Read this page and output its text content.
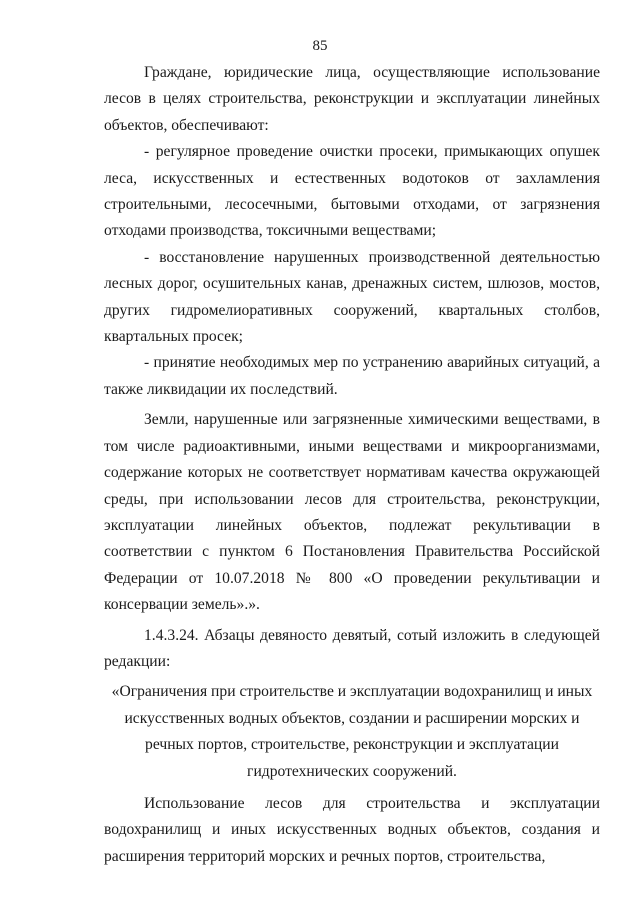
85

Граждане, юридические лица, осуществляющие использование лесов в целях строительства, реконструкции и эксплуатации линейных объектов, обеспечивают:

- регулярное проведение очистки просеки, примыкающих опушек леса, искусственных и естественных водотоков от захламления строительными, лесосечными, бытовыми отходами, от загрязнения отходами производства, токсичными веществами;

- восстановление нарушенных производственной деятельностью лесных дорог, осушительных канав, дренажных систем, шлюзов, мостов, других гидромелиоративных сооружений, квартальных столбов, квартальных просек;

- принятие необходимых мер по устранению аварийных ситуаций, а также ликвидации их последствий.

Земли, нарушенные или загрязненные химическими веществами, в том числе радиоактивными, иными веществами и микроорганизмами, содержание которых не соответствует нормативам качества окружающей среды, при использовании лесов для строительства, реконструкции, эксплуатации линейных объектов, подлежат рекультивации в соответствии с пунктом 6 Постановления Правительства Российской Федерации от 10.07.2018 № 800 «О проведении рекультивации и консервации земель».».

1.4.3.24. Абзацы девяносто девятый, сотый изложить в следующей редакции:

«Ограничения при строительстве и эксплуатации водохранилищ и иных искусственных водных объектов, создании и расширении морских и речных портов, строительстве, реконструкции и эксплуатации гидротехнических сооружений.

Использование лесов для строительства и эксплуатации водохранилищ и иных искусственных водных объектов, создания и расширения территорий морских и речных портов, строительства,
